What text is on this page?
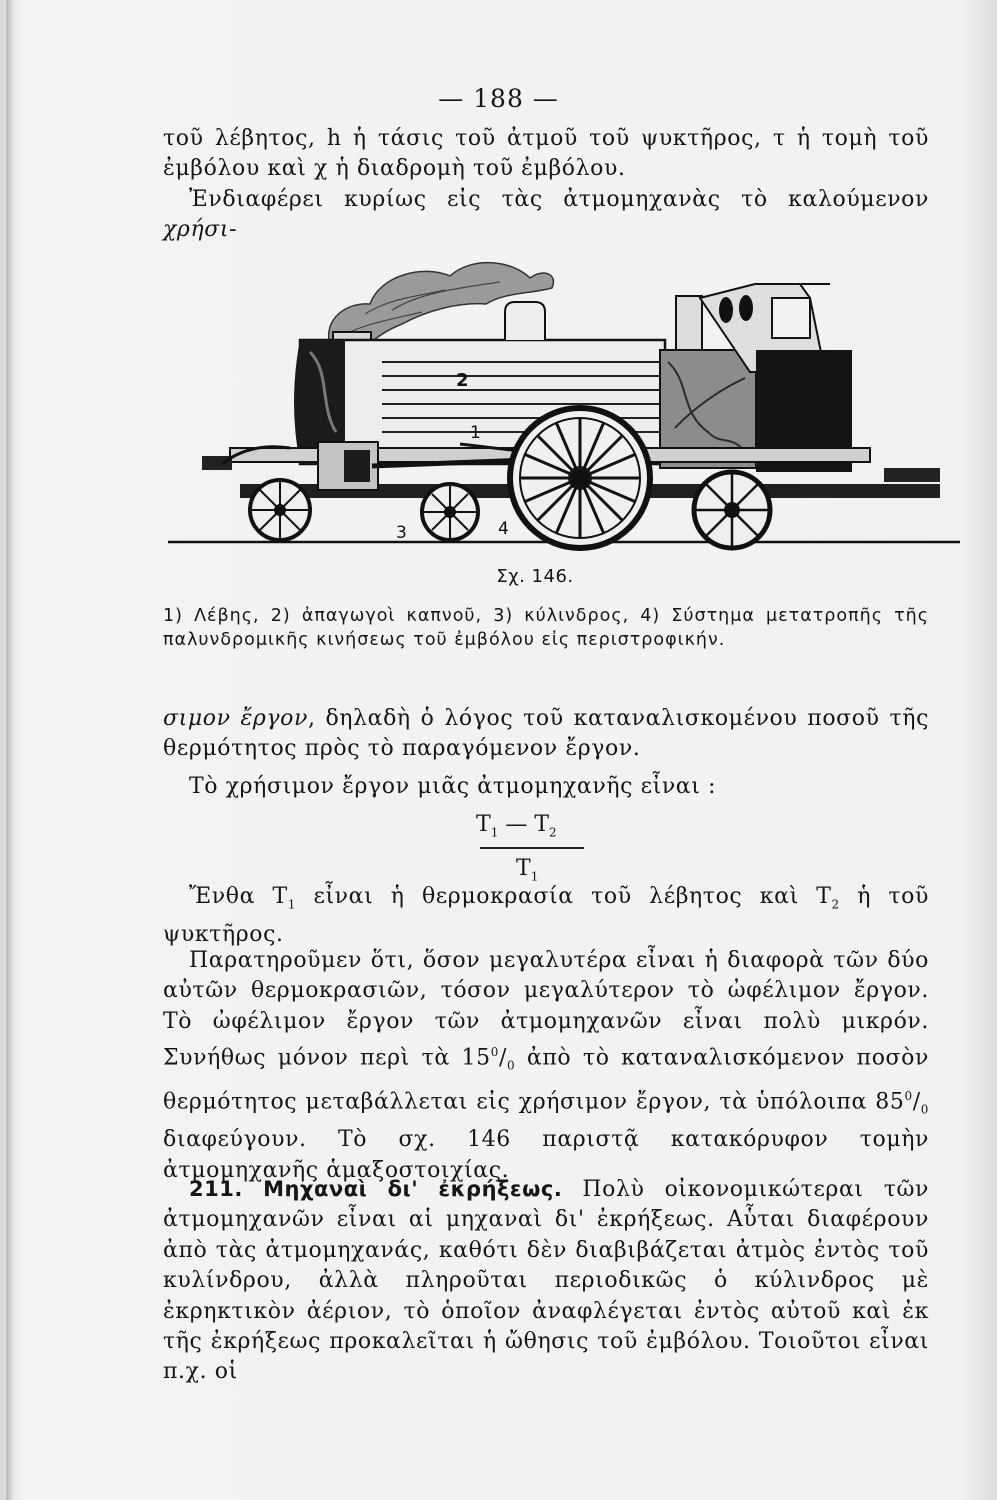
— 188 —
τοῦ λέβητος, h ἡ τάσις τοῦ ἀτμοῦ τοῦ ψυκτῆρος, τ ἡ τομὴ τοῦ ἐμβόλου καὶ χ ἡ διαδρομὴ τοῦ ἐμβόλου.
Ἐνδιαφέρει κυρίως εἰς τὰς ἀτμομηχανὰς τὸ καλούμενον χρήσι-
2
1
3	4
Σχ. 146.
1) Λέβης, 2) ἀπαγωγοὶ καπνοῦ, 3) κύλινδρος, 4) Σύστημα μετατροπῆς τῆς παλυνδρομικῆς κινήσεως τοῦ ἐμβόλου εἰς περιστροφικήν.
σιμον ἔργον, δηλαδὴ ὁ λόγος τοῦ καταναλισκομένου ποσοῦ τῆς θερμότητος πρὸς τὸ παραγόμενον ἔργον.
Τὸ χρήσιμον ἔργον μιᾶς ἀτμομηχανῆς εἶναι :
$T_1$ — $T_2$
$T_1$
Ἔνθα $T_1$ εἶναι ἡ θερμοκρασία τοῦ λέβητος καὶ $T_2$ ἡ τοῦ ψυκτῆρος.
Παρατηροῦμεν ὅτι, ὅσον μεγαλυτέρα εἶναι ἡ διαφορὰ τῶν δύο αὐτῶν θερμοκρασιῶν, τόσον μεγαλύτερον τὸ ὠφέλιμον ἔργον. Τὸ ὠφέλιμον ἔργον τῶν ἀτμομηχανῶν εἶναι πολὺ μικρόν. Συνήθως μόνον περὶ τὰ $15^0/_0$ ἀπὸ τὸ καταναλισκόμενον ποσὸν θερμότητος μεταβάλλεται εἰς χρήσιμον ἔργον, τὰ ὑπόλοιπα $85^0/_0$ διαφεύγουν. Τὸ σχ. 146 παριστᾷ κατακόρυφον τομὴν ἀτμομηχανῆς ἁμαξοστοιχίας.
211. Μηχαναὶ δι' ἐκρήξεως. Πολὺ οἰκονομικώτεραι τῶν ἀτμομηχανῶν εἶναι αἱ μηχαναὶ δι' ἐκρήξεως. Αὗται διαφέρουν ἀπὸ τὰς ἀτμομηχανάς, καθότι δὲν διαβιβάζεται ἀτμὸς ἐντὸς τοῦ κυλίνδρου, ἀλλὰ πληροῦται περιοδικῶς ὁ κύλινδρος μὲ ἐκρηκτικὸν ἀέριον, τὸ ὁποῖον ἀναφλέγεται ἐντὸς αὐτοῦ καὶ ἐκ τῆς ἐκρήξεως προκαλεῖται ἡ ὤθησις τοῦ ἐμβόλου. Τοιοῦτοι εἶναι π.χ. οἱ
